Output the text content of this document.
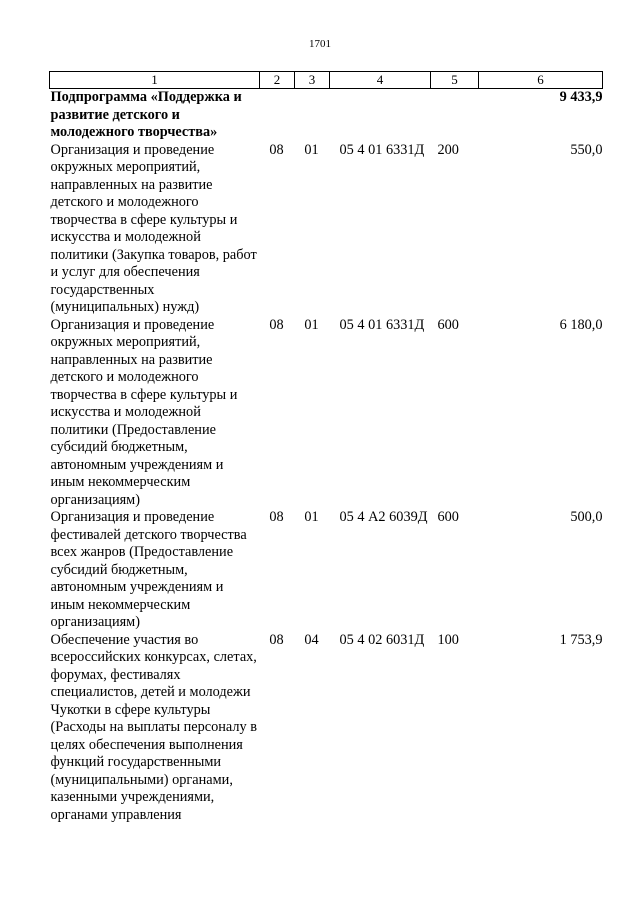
1701
1	2	3	4	5	6
Подпрограмма «Поддержка и развитие детского и молодежного творчества»					9 433,9
Организация и проведение окружных мероприятий, направленных на развитие детского и молодежного творчества в сфере культуры и искусства и молодежной политики (Закупка товаров, работ и услуг для обеспечения государственных (муниципальных) нужд)	08	01	05 4 01 6331Д	200	550,0
Организация и проведение окружных мероприятий, направленных на развитие детского и молодежного творчества в сфере культуры и искусства и молодежной политики (Предоставление субсидий бюджетным, автономным учреждениям и иным некоммерческим организациям)	08	01	05 4 01 6331Д	600	6 180,0
Организация и проведение фестивалей детского творчества всех жанров (Предоставление субсидий бюджетным, автономным учреждениям и иным некоммерческим организациям)	08	01	05 4 А2 6039Д	600	500,0
Обеспечение участия во всероссийских конкурсах, слетах, форумах, фестивалях специалистов, детей и молодежи Чукотки в сфере культуры (Расходы на выплаты персоналу в целях обеспечения выполнения функций государственными (муниципальными) органами, казенными учреждениями, органами управления	08	04	05 4 02 6031Д	100	1 753,9
